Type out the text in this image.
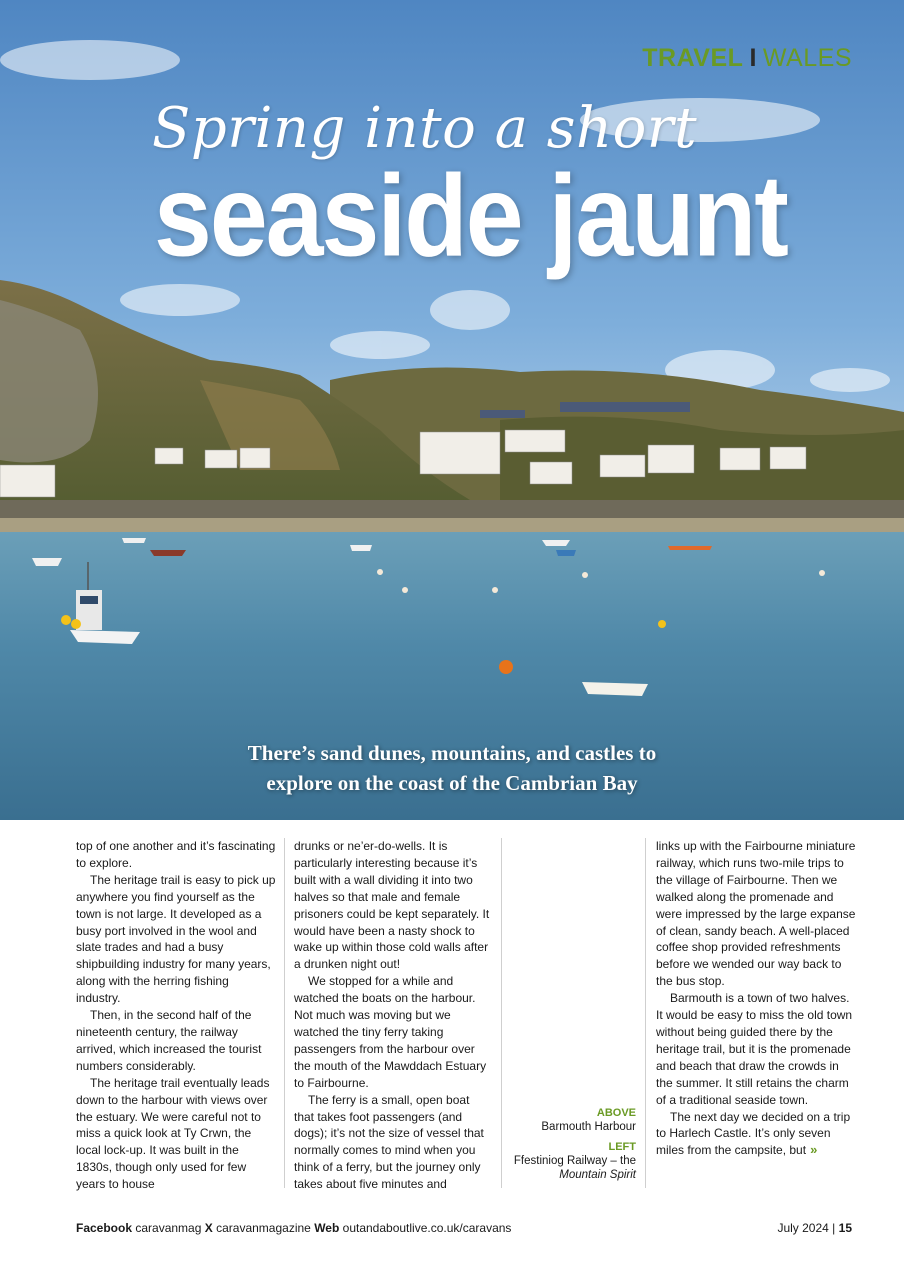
TRAVEL I WALES
Spring into a short
seaside jaunt
There’s sand dunes, mountains, and castles to
explore on the coast of the Cambrian Bay

top of one another and it’s fascinating to explore.

The heritage trail is easy to pick up anywhere you find yourself as the town is not large. It developed as a busy port involved in the wool and slate trades and had a busy shipbuilding industry for many years, along with the herring fishing industry.

Then, in the second half of the nineteenth century, the railway arrived, which increased the tourist numbers considerably.

The heritage trail eventually leads down to the harbour with views over the estuary. We were careful not to miss a quick look at Ty Crwn, the local lock-up. It was built in the 1830s, though only used for few years to house

drunks or ne’er-do-wells. It is particularly interesting because it’s built with a wall dividing it into two halves so that male and female prisoners could be kept separately. It would have been a nasty shock to wake up within those cold walls after a drunken night out!

We stopped for a while and watched the boats on the harbour. Not much was moving but we watched the tiny ferry taking passengers from the harbour over the mouth of the Mawddach Estuary to Fairbourne.

The ferry is a small, open boat that takes foot passengers (and dogs); it’s not the size of vessel that normally comes to mind when you think of a ferry, but the journey only takes about five minutes and

ABOVE
Barmouth Harbour
LEFT
Ffestiniog Railway – the Mountain Spirit

links up with the Fairbourne miniature railway, which runs two-mile trips to the village of Fairbourne. Then we walked along the promenade and were impressed by the large expanse of clean, sandy beach. A well-placed coffee shop provided refreshments before we wended our way back to the bus stop.

Barmouth is a town of two halves. It would be easy to miss the old town without being guided there by the heritage trail, but it is the promenade and beach that draw the crowds in the summer. It still retains the charm of a traditional seaside town.

The next day we decided on a trip to Harlech Castle. It’s only seven miles from the campsite, but »

Facebook caravanmag X caravanmagazine Web outandaboutlive.co.uk/caravans	July 2024 | 15
